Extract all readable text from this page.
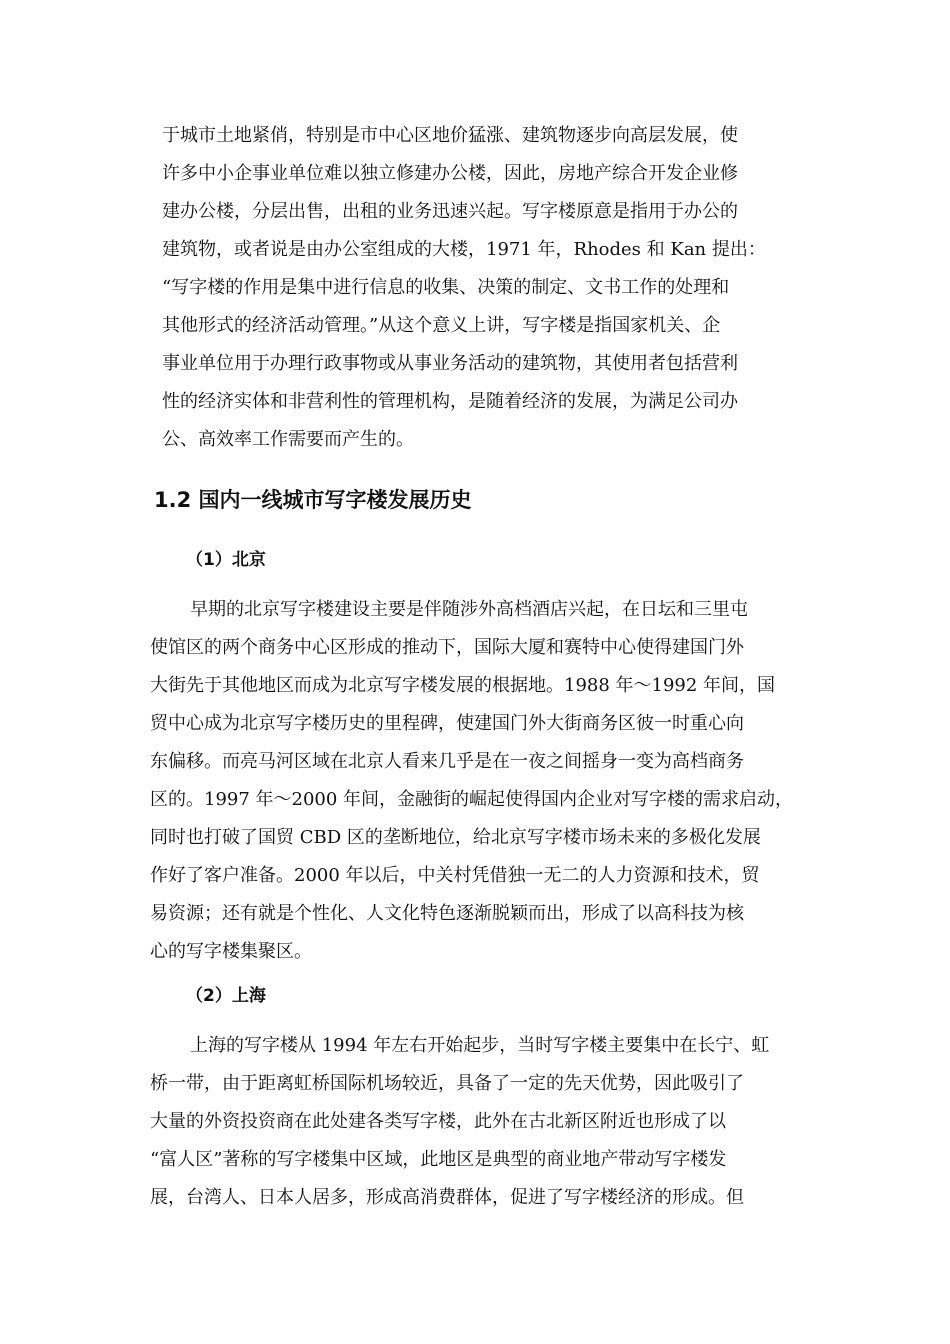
于城市土地紧俏，特别是市中心区地价猛涨、建筑物逐步向高层发展，使
许多中小企事业单位难以独立修建办公楼，因此，房地产综合开发企业修
建办公楼，分层出售，出租的业务迅速兴起。写字楼原意是指用于办公的
建筑物，或者说是由办公室组成的大楼，1971 年，Rhodes 和 Kan 提出：
“写字楼的作用是集中进行信息的收集、决策的制定、文书工作的处理和
其他形式的经济活动管理。”从这个意义上讲，写字楼是指国家机关、企
事业单位用于办理行政事物或从事业务活动的建筑物，其使用者包括营利
性的经济实体和非营利性的管理机构，是随着经济的发展，为满足公司办
公、高效率工作需要而产生的。
1.2 国内一线城市写字楼发展历史
（1）北京
早期的北京写字楼建设主要是伴随涉外高档酒店兴起，在日坛和三里屯
使馆区的两个商务中心区形成的推动下，国际大厦和赛特中心使得建国门外
大街先于其他地区而成为北京写字楼发展的根据地。1988 年～1992 年间，国
贸中心成为北京写字楼历史的里程碑，使建国门外大街商务区彼一时重心向
东偏移。而亮马河区域在北京人看来几乎是在一夜之间摇身一变为高档商务
区的。1997 年～2000 年间，金融街的崛起使得国内企业对写字楼的需求启动，
同时也打破了国贸 CBD 区的垄断地位，给北京写字楼市场未来的多极化发展
作好了客户准备。2000 年以后，中关村凭借独一无二的人力资源和技术，贸
易资源；还有就是个性化、人文化特色逐渐脱颖而出，形成了以高科技为核
心的写字楼集聚区。
（2）上海
上海的写字楼从 1994 年左右开始起步，当时写字楼主要集中在长宁、虹
桥一带，由于距离虹桥国际机场较近，具备了一定的先天优势，因此吸引了
大量的外资投资商在此处建各类写字楼，此外在古北新区附近也形成了以
“富人区”著称的写字楼集中区域，此地区是典型的商业地产带动写字楼发
展，台湾人、日本人居多，形成高消费群体，促进了写字楼经济的形成。但
